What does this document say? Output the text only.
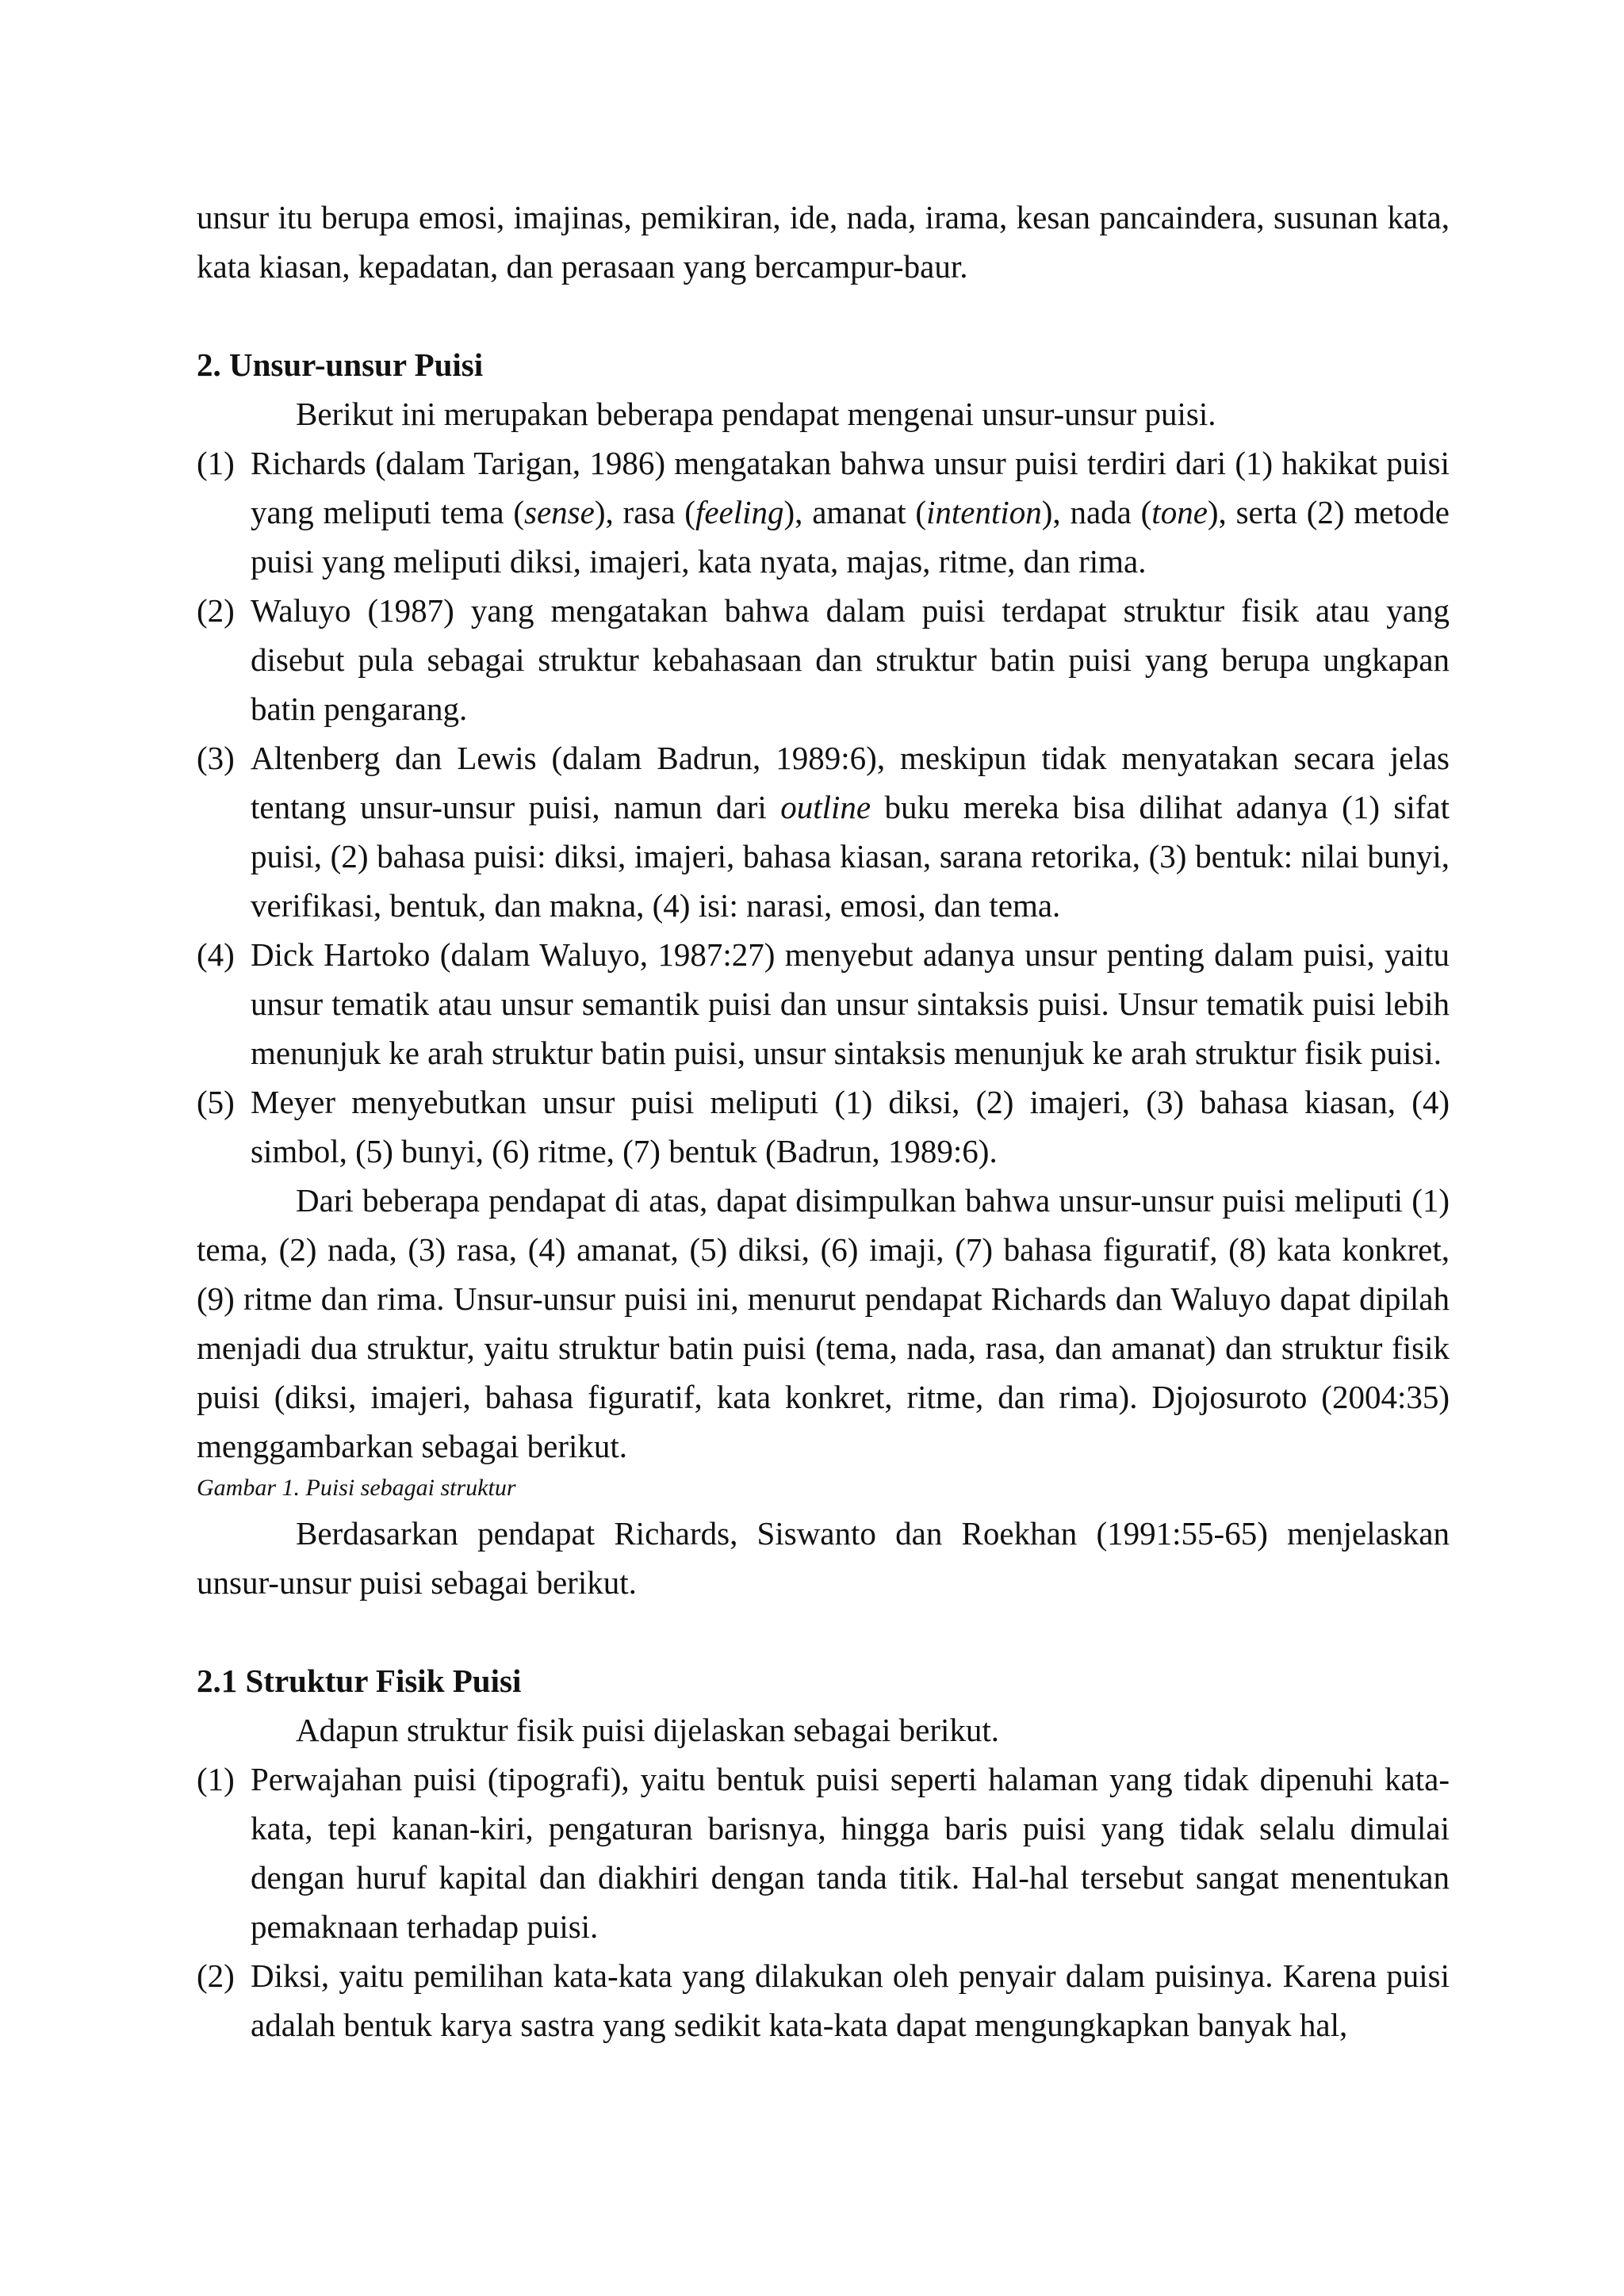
unsur itu berupa emosi, imajinas, pemikiran, ide, nada, irama, kesan pancaindera, susunan kata, kata kiasan, kepadatan, dan perasaan yang bercampur-baur.

2. Unsur-unsur Puisi

Berikut ini merupakan beberapa pendapat mengenai unsur-unsur puisi.

(1) Richards (dalam Tarigan, 1986) mengatakan bahwa unsur puisi terdiri dari (1) hakikat puisi yang meliputi tema (sense), rasa (feeling), amanat (intention), nada (tone), serta (2) metode puisi yang meliputi diksi, imajeri, kata nyata, majas, ritme, dan rima.
(2) Waluyo (1987) yang mengatakan bahwa dalam puisi terdapat struktur fisik atau yang disebut pula sebagai struktur kebahasaan dan struktur batin puisi yang berupa ungkapan batin pengarang.
(3) Altenberg dan Lewis (dalam Badrun, 1989:6), meskipun tidak menyatakan secara jelas tentang unsur-unsur puisi, namun dari outline buku mereka bisa dilihat adanya (1) sifat puisi, (2) bahasa puisi: diksi, imajeri, bahasa kiasan, sarana retorika, (3) bentuk: nilai bunyi, verifikasi, bentuk, dan makna, (4) isi: narasi, emosi, dan tema.
(4) Dick Hartoko (dalam Waluyo, 1987:27) menyebut adanya unsur penting dalam puisi, yaitu unsur tematik atau unsur semantik puisi dan unsur sintaksis puisi. Unsur tematik puisi lebih menunjuk ke arah struktur batin puisi, unsur sintaksis menunjuk ke arah struktur fisik puisi.
(5) Meyer menyebutkan unsur puisi meliputi (1) diksi, (2) imajeri, (3) bahasa kiasan, (4) simbol, (5) bunyi, (6) ritme, (7) bentuk (Badrun, 1989:6).

Dari beberapa pendapat di atas, dapat disimpulkan bahwa unsur-unsur puisi meliputi (1) tema, (2) nada, (3) rasa, (4) amanat, (5) diksi, (6) imaji, (7) bahasa figuratif, (8) kata konkret, (9) ritme dan rima. Unsur-unsur puisi ini, menurut pendapat Richards dan Waluyo dapat dipilah menjadi dua struktur, yaitu struktur batin puisi (tema, nada, rasa, dan amanat) dan struktur fisik puisi (diksi, imajeri, bahasa figuratif, kata konkret, ritme, dan rima). Djojosuroto (2004:35) menggambarkan sebagai berikut.

Gambar 1. Puisi sebagai struktur

Berdasarkan pendapat Richards, Siswanto dan Roekhan (1991:55-65) menjelaskan unsur-unsur puisi sebagai berikut.

2.1 Struktur Fisik Puisi

Adapun struktur fisik puisi dijelaskan sebagai berikut.

(1) Perwajahan puisi (tipografi), yaitu bentuk puisi seperti halaman yang tidak dipenuhi kata-kata, tepi kanan-kiri, pengaturan barisnya, hingga baris puisi yang tidak selalu dimulai dengan huruf kapital dan diakhiri dengan tanda titik. Hal-hal tersebut sangat menentukan pemaknaan terhadap puisi.
(2) Diksi, yaitu pemilihan kata-kata yang dilakukan oleh penyair dalam puisinya. Karena puisi adalah bentuk karya sastra yang sedikit kata-kata dapat mengungkapkan banyak hal,
